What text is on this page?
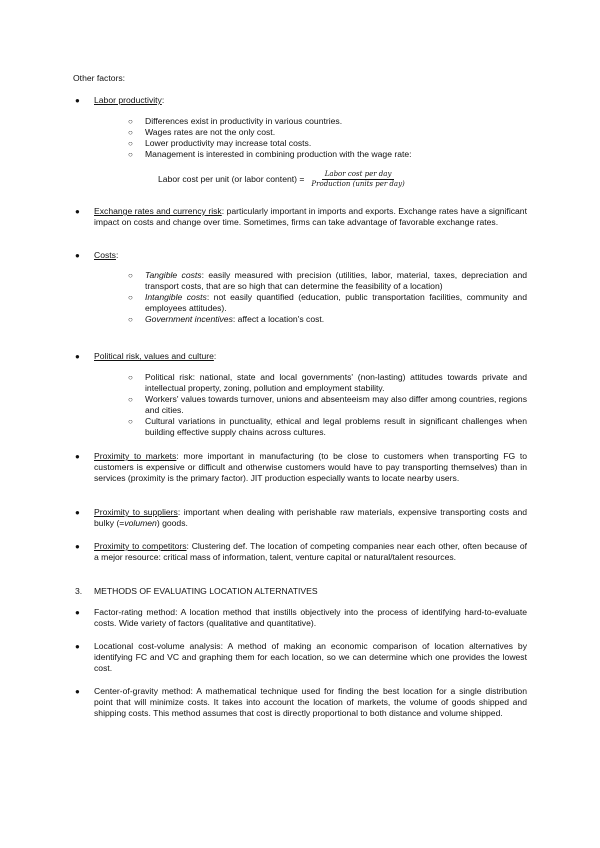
Other factors:
●	Labor productivity:
○ Differences exist in productivity in various countries.
○ Wages rates are not the only cost.
○ Lower productivity may increase total costs.
○ Management is interested in combining production with the wage rate:
Labor cost per unit (or labor content) = $\frac{\text{Labor cost per day}}{\text{Production (units per day)}}$
●	Exchange rates and currency risk: particularly important in imports and exports. Exchange rates have a significant impact on costs and change over time. Sometimes, firms can take advantage of favorable exchange rates.
●	Costs:
○ Tangible costs: easily measured with precision (utilities, labor, material, taxes, depreciation and transport costs, that are so high that can determine the feasibility of a location)
○ Intangible costs: not easily quantified (education, public transportation facilities, community and employees attitudes).
○ Government incentives: affect a location's cost.
●	Political risk, values and culture:
○ Political risk: national, state and local governments' (non-lasting) attitudes towards private and intellectual property, zoning, pollution and employment stability.
○ Workers' values towards turnover, unions and absenteeism may also differ among countries, regions and cities.
○ Cultural variations in punctuality, ethical and legal problems result in significant challenges when building effective supply chains across cultures.
●	Proximity to markets: more important in manufacturing (to be close to customers when transporting FG to customers is expensive or difficult and otherwise customers would have to pay transporting themselves) than in services (proximity is the primary factor). JIT production especially wants to locate nearby users.
●	Proximity to suppliers: important when dealing with perishable raw materials, expensive transporting costs and bulky (=volumen) goods.
●	Proximity to competitors: Clustering def. The location of competing companies near each other, often because of a mejor resource: critical mass of information, talent, venture capital or natural/talent resources.
3. METHODS OF EVALUATING LOCATION ALTERNATIVES
●	Factor-rating method: A location method that instills objectively into the process of identifying hard-to-evaluate costs. Wide variety of factors (qualitative and quantitative).
●	Locational cost-volume analysis: A method of making an economic comparison of location alternatives by identifying FC and VC and graphing them for each location, so we can determine which one provides the lowest cost.
●	Center-of-gravity method: A mathematical technique used for finding the best location for a single distribution point that will minimize costs. It takes into account the location of markets, the volume of goods shipped and shipping costs. This method assumes that cost is directly proportional to both distance and volume shipped.
